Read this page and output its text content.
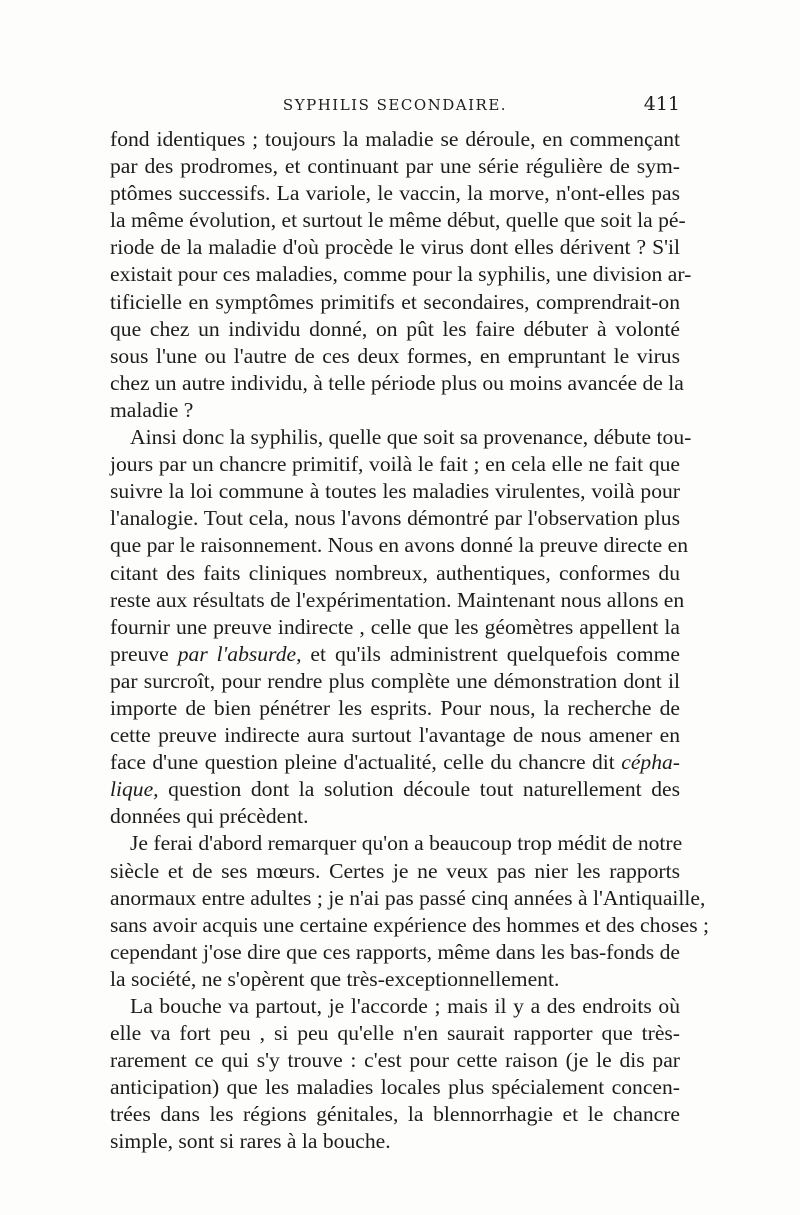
SYPHILIS SECONDAIRE.	411
fond identiques ; toujours la maladie se déroule, en commençant
par des prodromes, et continuant par une série régulière de sym-
ptômes successifs. La variole, le vaccin, la morve, n'ont-elles pas
la même évolution, et surtout le même début, quelle que soit la pé-
riode de la maladie d'où procède le virus dont elles dérivent ? S'il
existait pour ces maladies, comme pour la syphilis, une division ar-
tificielle en symptômes primitifs et secondaires, comprendrait-on
que chez un individu donné, on pût les faire débuter à volonté
sous l'une ou l'autre de ces deux formes, en empruntant le virus
chez un autre individu, à telle période plus ou moins avancée de la
maladie ?
Ainsi donc la syphilis, quelle que soit sa provenance, débute tou-
jours par un chancre primitif, voilà le fait ; en cela elle ne fait que
suivre la loi commune à toutes les maladies virulentes, voilà pour
l'analogie. Tout cela, nous l'avons démontré par l'observation plus
que par le raisonnement. Nous en avons donné la preuve directe en
citant des faits cliniques nombreux, authentiques, conformes du
reste aux résultats de l'expérimentation. Maintenant nous allons en
fournir une preuve indirecte , celle que les géomètres appellent la
preuve par l'absurde, et qu'ils administrent quelquefois comme
par surcroît, pour rendre plus complète une démonstration dont il
importe de bien pénétrer les esprits. Pour nous, la recherche de
cette preuve indirecte aura surtout l'avantage de nous amener en
face d'une question pleine d'actualité, celle du chancre dit cépha-
lique, question dont la solution découle tout naturellement des
données qui précèdent.
Je ferai d'abord remarquer qu'on a beaucoup trop médit de notre
siècle et de ses mœurs. Certes je ne veux pas nier les rapports
anormaux entre adultes ; je n'ai pas passé cinq années à l'Antiquaille,
sans avoir acquis une certaine expérience des hommes et des choses ;
cependant j'ose dire que ces rapports, même dans les bas-fonds de
la société, ne s'opèrent que très-exceptionnellement.
La bouche va partout, je l'accorde ; mais il y a des endroits où
elle va fort peu , si peu qu'elle n'en saurait rapporter que très-
rarement ce qui s'y trouve : c'est pour cette raison (je le dis par
anticipation) que les maladies locales plus spécialement concen-
trées dans les régions génitales, la blennorrhagie et le chancre
simple, sont si rares à la bouche.
